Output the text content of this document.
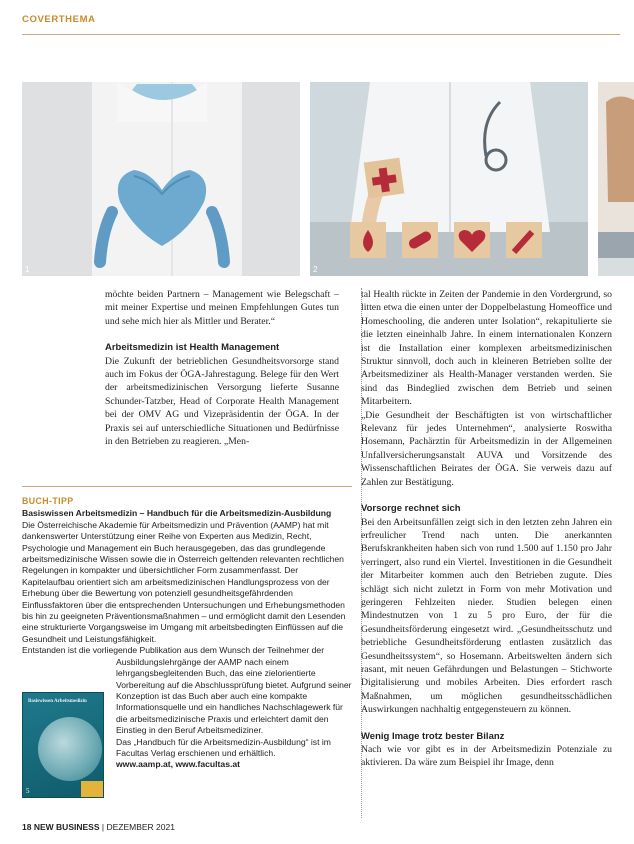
COVERTHEMA
1	2

möchte beiden Partnern – Management wie Belegschaft – mit meiner Expertise und meinen Empfehlungen Gutes tun und sehe mich hier als Mittler und Berater.“

Arbeitsmedizin ist Health Management

Die Zukunft der betrieblichen Gesundheitsvorsorge stand auch im Fokus der ÖGA-Jahrestagung. Belege für den Wert der arbeitsmedizinischen Versorgung lieferte Susanne Schunder-Tatzber, Head of Corporate Health Management bei der OMV AG und Vizepräsidentin der ÖGA. In der Praxis sei auf unterschiedliche Situationen und Bedürfnisse in den Betrieben zu reagieren. „Men-

BUCH-TIPP

Basiswissen Arbeitsmedizin – Handbuch für die Arbeitsmedizin-Ausbildung

Die Österreichische Akademie für Arbeitsmedizin und Prävention (AAMP) hat mit dankenswerter Unterstützung einer Reihe von Experten aus Medizin, Recht, Psychologie und Management ein Buch herausgegeben, das das grundlegende arbeitsmedizinische Wissen sowie die in Österreich geltenden relevanten rechtlichen Regelungen in kompakter und übersichtlicher Form zusammenfasst. Der Kapitelaufbau orientiert sich am arbeitsmedizinischen Handlungsprozess von der Erhebung über die Bewertung von potenziell gesundheitsgefährdenden Einflussfaktoren über die entsprechenden Untersuchungen und Erhebungsmethoden bis hin zu geeigneten Präventionsmaßnahmen – und ermöglicht damit den Lesenden eine strukturierte Vorgangsweise im Umgang mit arbeitsbedingten Einflüssen auf die Gesundheit und Leistungsfähigkeit.

Entstanden ist die vorliegende Publikation aus dem Wunsch der Teilnehmer der

Ausbildungslehrgänge der AAMP nach einem lehrgangsbegleitenden Buch, das eine zielorientierte Vorbereitung auf die Abschlussprüfung bietet. Aufgrund seiner Konzeption ist das Buch aber auch eine kompakte Informationsquelle und ein handliches Nachschlagewerk für die arbeitsmedizinische Praxis und erleichtert damit den Einstieg in den Beruf Arbeitsmediziner.

Das „Handbuch für die Arbeitsmedizin-Ausbildung“ ist im Facultas Verlag erschienen und erhältlich.

www.aamp.at, www.facultas.at

Basiswissen Arbeitsmedizin
5

tal Health rückte in Zeiten der Pandemie in den Vordergrund, so litten etwa die einen unter der Doppelbelastung Homeoffice und Homeschooling, die anderen unter Isolation“, rekapitulierte sie die letzten eineinhalb Jahre. In einem internationalen Konzern ist die Installation einer komplexen arbeitsmedizinischen Struktur sinnvoll, doch auch in kleineren Betrieben sollte der Arbeitsmediziner als Health-Manager verstanden werden. Sie sind das Bindeglied zwischen dem Betrieb und seinen Mitarbeitern.

„Die Gesundheit der Beschäftigten ist von wirtschaftlicher Relevanz für jedes Unternehmen“, analysierte Roswitha Hosemann, Pachärztin für Arbeitsmedizin in der Allgemeinen Unfallversicherungsanstalt AUVA und Vorsitzende des Wissenschaftlichen Beirates der ÖGA. Sie verweis dazu auf Zahlen zur Bestätigung.

Vorsorge rechnet sich

Bei den Arbeitsunfällen zeigt sich in den letzten zehn Jahren ein erfreulicher Trend nach unten. Die anerkannten Berufskrankheiten haben sich von rund 1.500 auf 1.150 pro Jahr verringert, also rund ein Viertel. Investitionen in die Gesundheit der Mitarbeiter kommen auch den Betrieben zugute. Dies schlägt sich nicht zuletzt in Form von mehr Motivation und geringeren Fehlzeiten nieder. Studien belegen einen Mindestnutzen von 1 zu 5 pro Euro, der für die Gesundheitsförderung eingesetzt wird. „Gesundheitsschutz und betriebliche Gesundheitsförderung entlasten zusätzlich das Gesundheitssystem“, so Hosemann. Arbeitswelten ändern sich rasant, mit neuen Gefährdungen und Belastungen – Stichworte Digitalisierung und mobiles Arbeiten. Dies erfordert rasch Maßnahmen, um möglichen gesundheitsschädlichen Auswirkungen nachhaltig entgegensteuern zu können.

Wenig Image trotz bester Bilanz

Nach wie vor gibt es in der Arbeitsmedizin Potenziale zu aktivieren. Da wäre zum Beispiel ihr Image, denn

18 NEW BUSINESS | DEZEMBER 2021
